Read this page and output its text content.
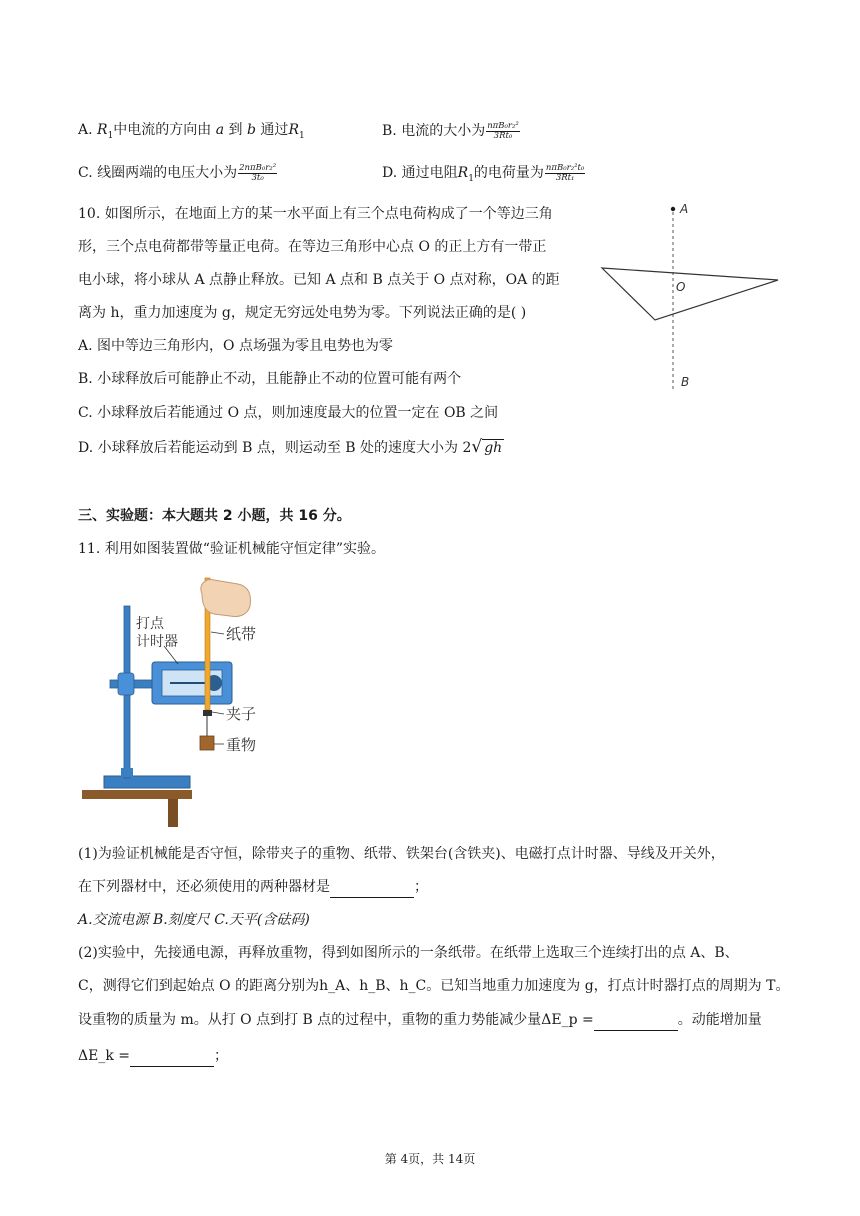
A. $R_1$中电流的方向由 a 到 b 通过$R_1$	B. 电流的大小为 $\frac{\text{nπB₀r₂²}}{\text{3Rt₀}}$
C. 线圈两端的电压大小为 $\frac{\text{2nπB₀r₂²}}{\text{3t₀}}$	D. 通过电阻$R_1$的电荷量为 $\frac{\text{nπB₀r₂²t₀}}{\text{3Rt₁}}$
10. 如图所示，在地面上方的某一水平面上有三个点电荷构成了一个等边三角
形，三个点电荷都带等量正电荷。在等边三角形中心点 O 的正上方有一带正
电小球，将小球从 A 点静止释放。已知 A 点和 B 点关于 O 点对称，OA 的距
离为 h，重力加速度为 g，规定无穷远处电势为零。下列说法正确的是( )
A. 图中等边三角形内，O 点场强为零且电势也为零
B. 小球释放后可能静止不动，且能静止不动的位置可能有两个
C. 小球释放后若能通过 O 点，则加速度最大的位置一定在 OB 之间
D. 小球释放后若能运动到 B 点，则运动至 B 处的速度大小为 2√ gh
A
O
B
三、实验题：本大题共 2 小题，共 16 分。
11. 利用如图装置做“验证机械能守恒定律”实验。
打点
计时器	纸带
夹子
重物
(1)为验证机械能是否守恒，除带夹子的重物、纸带、铁架台(含铁夹)、电磁打点计时器、导线及开关外，
在下列器材中，还必须使用的两种器材是	；
A.交流电源 B.刻度尺 C.天平(含砝码)
(2)实验中，先接通电源，再释放重物，得到如图所示的一条纸带。在纸带上选取三个连续打出的点 A、B、
C，测得它们到起始点 O 的距离分别为h_A、h_B、h_C。已知当地重力加速度为 g，打点计时器打点的周期为 T。
设重物的质量为 m。从打 O 点到打 B 点的过程中，重物的重力势能减少量ΔE_p =	。动能增加量
ΔE_k =	；
第 4页，共 14页
